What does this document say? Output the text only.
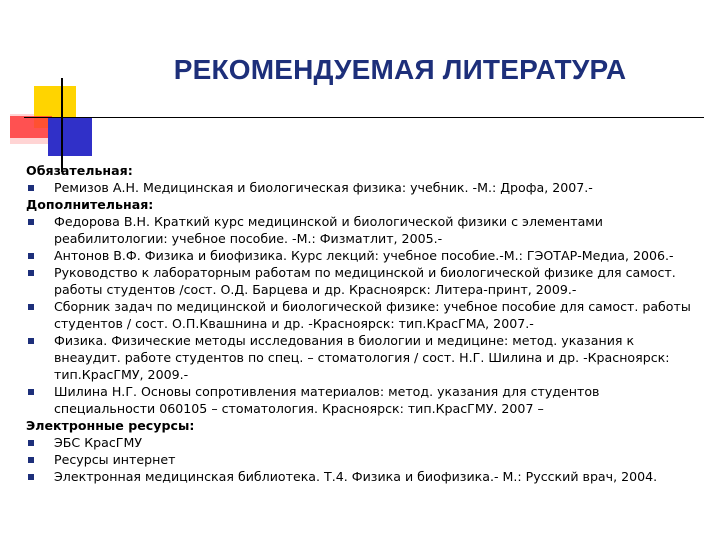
РЕКОМЕНДУЕМАЯ ЛИТЕРАТУРА
Обязательная:
Ремизов А.Н. Медицинская и биологическая физика: учебник. -М.: Дрофа, 2007.-
Дополнительная:
Федорова В.Н. Краткий курс медицинской и биологической физики с элементами реабилитологии: учебное пособие. -М.: Физматлит, 2005.-
Антонов В.Ф. Физика и биофизика. Курс лекций: учебное пособие.-М.: ГЭОТАР-Медиа, 2006.-
Руководство к лабораторным работам по медицинской и биологической физике для самост. работы студентов /сост. О.Д. Барцева и др. Красноярск: Литера-принт, 2009.-
Сборник задач по медицинской и биологической физике: учебное пособие для самост. работы студентов / сост. О.П.Квашнина и др. -Красноярск: тип.КрасГМА, 2007.-
Физика. Физические методы исследования в биологии и медицине: метод. указания к внеаудит. работе студентов по спец. – стоматология / сост. Н.Г. Шилина и др. -Красноярск: тип.КрасГМУ, 2009.-
Шилина Н.Г. Основы сопротивления материалов: метод. указания для студентов специальности 060105 – стоматология. Красноярск: тип.КрасГМУ. 2007 –
Электронные ресурсы:
ЭБС КрасГМУ
Ресурсы интернет
Электронная медицинская библиотека. Т.4. Физика и биофизика.- М.: Русский врач, 2004.
